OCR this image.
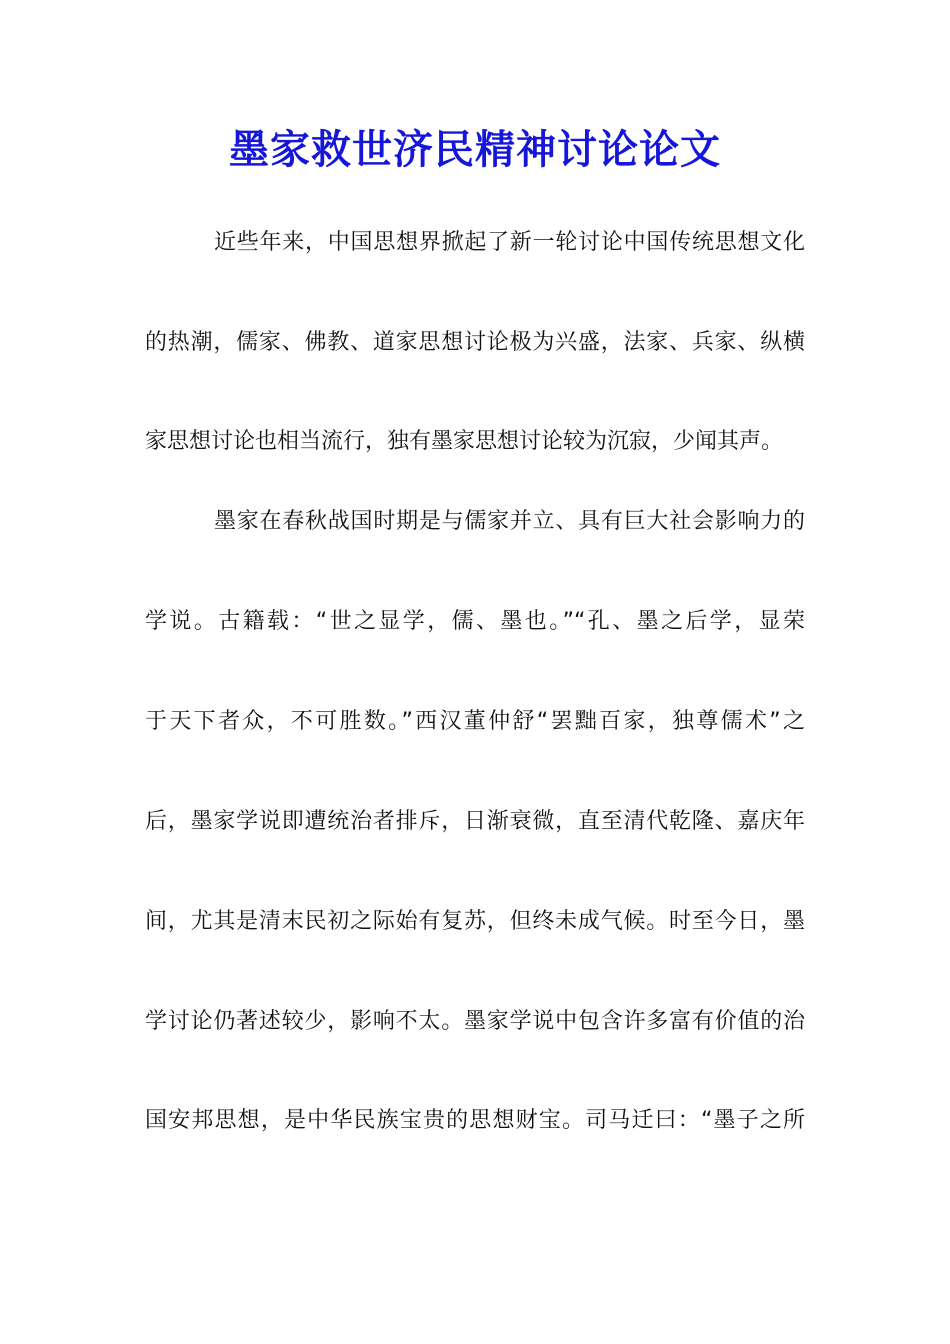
墨家救世济民精神讨论论文
近些年来，中国思想界掀起了新一轮讨论中国传统思想文化
的热潮，儒家、佛教、道家思想讨论极为兴盛，法家、兵家、纵横
家思想讨论也相当流行，独有墨家思想讨论较为沉寂，少闻其声。
墨家在春秋战国时期是与儒家并立、具有巨大社会影响力的
学说。古籍载：“世之显学，儒、墨也。”“孔、墨之后学，显荣
于天下者众，不可胜数。”西汉董仲舒“罢黜百家，独尊儒术”之
后，墨家学说即遭统治者排斥，日渐衰微，直至清代乾隆、嘉庆年
间，尤其是清末民初之际始有复苏，但终未成气候。时至今日，墨
学讨论仍著述较少，影响不太。墨家学说中包含许多富有价值的治
国安邦思想，是中华民族宝贵的思想财宝。司马迁曰：“墨子之所
